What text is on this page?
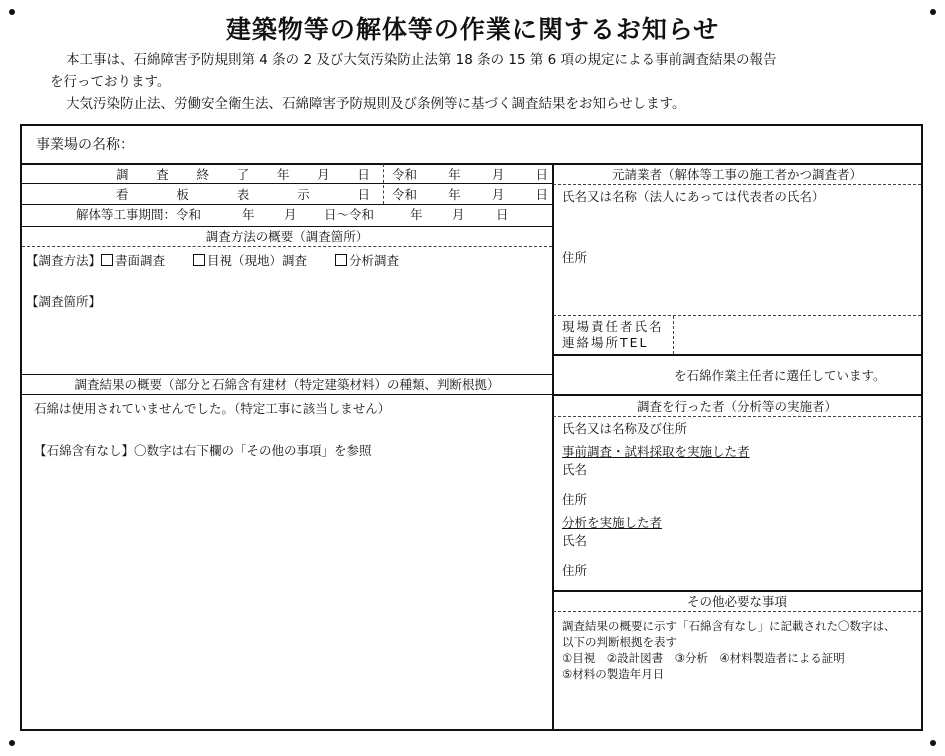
建築物等の解体等の作業に関するお知らせ
本工事は、石綿障害予防規則第 4 条の 2 及び大気汚染防止法第 18 条の 15 第 6 項の規定による事前調査結果の報告
を行っております。
大気汚染防止法、労働安全衛生法、石綿障害予防規則及び条例等に基づく調査結果をお知らせします。
事業場の名称：
調 査 終 了 年 月 日 令和 年 月 日
看	板	表	示	日 令和 年 月 日
解体等工事期間：令和	年 月 日〜令和	年 月	日
調査方法の概要（調査箇所）
【調査方法】 書面調査	目視（現地）調査	分析調査
【調査箇所】
調査結果の概要（部分と石綿含有建材（特定建築材料）の種類、判断根拠）
石綿は使用されていませんでした。（特定工事に該当しません）
【石綿含有なし】〇数字は右下欄の「その他の事項」を参照
元請業者（解体等工事の施工者かつ調査者）
氏名又は名称（法人にあっては代表者の氏名）
住所
現場責任者氏名
連絡場所TEL
を石綿作業主任者に選任しています。
調査を行った者（分析等の実施者）
氏名又は名称及び住所
事前調査・試料採取を実施した者
氏名
住所
分析を実施した者
氏名
住所
その他必要な事項
調査結果の概要に示す「石綿含有なし」に記載された〇数字は、
以下の判断根拠を表す
①目視　②設計図書　③分析　④材料製造者による証明
⑤材料の製造年月日
